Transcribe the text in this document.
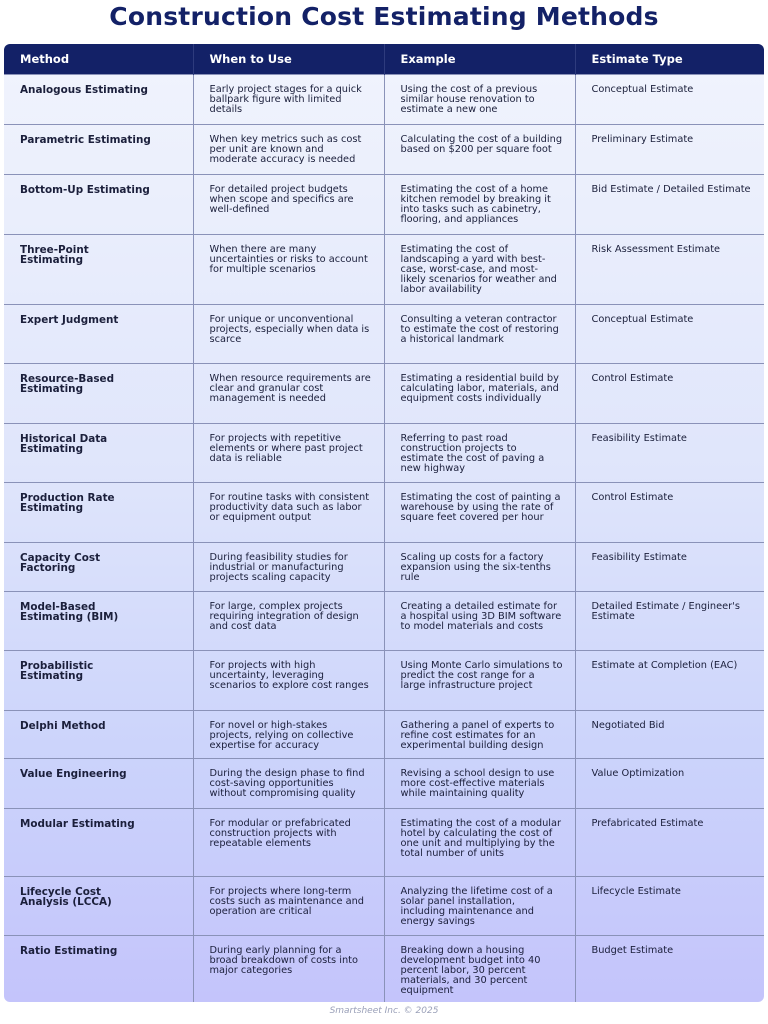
Construction Cost Estimating Methods
Method	When to Use	Example	Estimate Type
Analogous Estimating	Early project stages for a quick ballpark figure with limited details	Using the cost of a previous similar house renovation to estimate a new one	Conceptual Estimate
Parametric Estimating	When key metrics such as cost per unit are known and moderate accuracy is needed	Calculating the cost of a building based on $200 per square foot	Preliminary Estimate
Bottom-Up Estimating	For detailed project budgets when scope and specifics are well-defined	Estimating the cost of a home kitchen remodel by breaking it into tasks such as cabinetry, flooring, and appliances	Bid Estimate / Detailed Estimate
Three-Point Estimating	When there are many uncertainties or risks to account for multiple scenarios	Estimating the cost of landscaping a yard with best-case, worst-case, and most-likely scenarios for weather and labor availability	Risk Assessment Estimate
Expert Judgment	For unique or unconventional projects, especially when data is scarce	Consulting a veteran contractor to estimate the cost of restoring a historical landmark	Conceptual Estimate
Resource-Based Estimating	When resource requirements are clear and granular cost management is needed	Estimating a residential build by calculating labor, materials, and equipment costs individually	Control Estimate
Historical Data Estimating	For projects with repetitive elements or where past project data is reliable	Referring to past road construction projects to estimate the cost of paving a new highway	Feasibility Estimate
Production Rate Estimating	For routine tasks with consistent productivity data such as labor or equipment output	Estimating the cost of painting a warehouse by using the rate of square feet covered per hour	Control Estimate
Capacity Cost Factoring	During feasibility studies for industrial or manufacturing projects scaling capacity	Scaling up costs for a factory expansion using the six-tenths rule	Feasibility Estimate
Model-Based Estimating (BIM)	For large, complex projects requiring integration of design and cost data	Creating a detailed estimate for a hospital using 3D BIM software to model materials and costs	Detailed Estimate / Engineer's Estimate
Probabilistic Estimating	For projects with high uncertainty, leveraging scenarios to explore cost ranges	Using Monte Carlo simulations to predict the cost range for a large infrastructure project	Estimate at Completion (EAC)
Delphi Method	For novel or high-stakes projects, relying on collective expertise for accuracy	Gathering a panel of experts to refine cost estimates for an experimental building design	Negotiated Bid
Value Engineering	During the design phase to find cost-saving opportunities without compromising quality	Revising a school design to use more cost-effective materials while maintaining quality	Value Optimization
Modular Estimating	For modular or prefabricated construction projects with repeatable elements	Estimating the cost of a modular hotel by calculating the cost of one unit and multiplying by the total number of units	Prefabricated Estimate
Lifecycle Cost Analysis (LCCA)	For projects where long-term costs such as maintenance and operation are critical	Analyzing the lifetime cost of a solar panel installation, including maintenance and energy savings	Lifecycle Estimate
Ratio Estimating	During early planning for a broad breakdown of costs into major categories	Breaking down a housing development budget into 40 percent labor, 30 percent materials, and 30 percent equipment	Budget Estimate
Smartsheet Inc. © 2025
